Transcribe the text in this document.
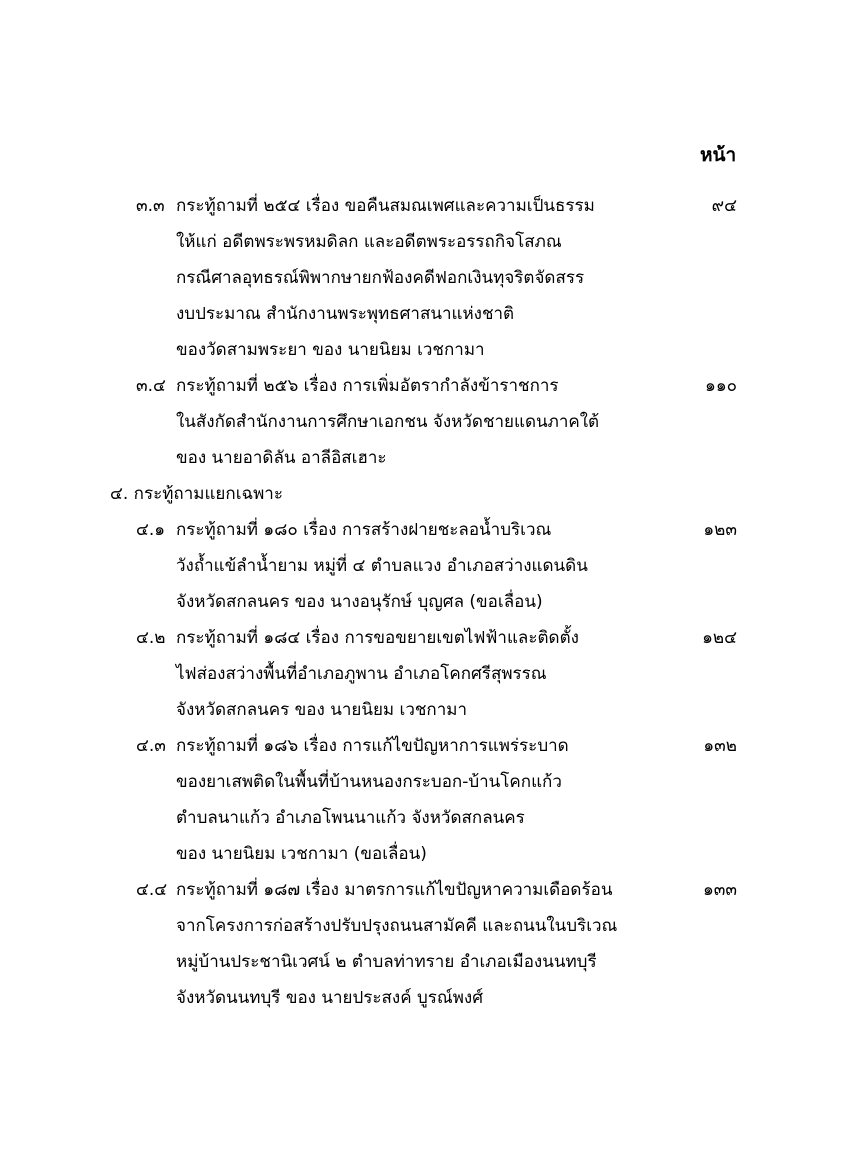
หน้า
๓.๓ กระทู้ถามที่ ๒๕๔ เรื่อง ขอคืนสมณเพศและความเป็นธรรม
ให้แก่ อดีตพระพรหมดิลก และอดีตพระอรรถกิจโสภณ
กรณีศาลอุทธรณ์พิพากษายกฟ้องคดีฟอกเงินทุจริตจัดสรร
งบประมาณ สำนักงานพระพุทธศาสนาแห่งชาติ
ของวัดสามพระยา ของ นายนิยม เวชกามา
๙๔
๓.๔ กระทู้ถามที่ ๒๕๖ เรื่อง การเพิ่มอัตรากำลังข้าราชการ
ในสังกัดสำนักงานการศึกษาเอกชน จังหวัดชายแดนภาคใต้
ของ นายอาดิลัน อาลีอิสเฮาะ
๑๑๐
๔. กระทู้ถามแยกเฉพาะ
๔.๑ กระทู้ถามที่ ๑๘๐ เรื่อง การสร้างฝายชะลอน้ำบริเวณ
วังถ้ำแข้ลำน้ำยาม หมู่ที่ ๔ ตำบลแวง อำเภอสว่างแดนดิน
จังหวัดสกลนคร ของ นางอนุรักษ์ บุญศล (ขอเลื่อน)
๑๒๓
๔.๒ กระทู้ถามที่ ๑๘๔ เรื่อง การขอขยายเขตไฟฟ้าและติดตั้ง
ไฟส่องสว่างพื้นที่อำเภอภูพาน อำเภอโคกศรีสุพรรณ
จังหวัดสกลนคร ของ นายนิยม เวชกามา
๑๒๔
๔.๓ กระทู้ถามที่ ๑๘๖ เรื่อง การแก้ไขปัญหาการแพร่ระบาด
ของยาเสพติดในพื้นที่บ้านหนองกระบอก-บ้านโคกแก้ว
ตำบลนาแก้ว อำเภอโพนนาแก้ว จังหวัดสกลนคร
ของ นายนิยม เวชกามา (ขอเลื่อน)
๑๓๒
๔.๔ กระทู้ถามที่ ๑๘๗ เรื่อง มาตรการแก้ไขปัญหาความเดือดร้อน
จากโครงการก่อสร้างปรับปรุงถนนสามัคคี และถนนในบริเวณ
หมู่บ้านประชานิเวศน์ ๒ ตำบลท่าทราย อำเภอเมืองนนทบุรี
จังหวัดนนทบุรี ของ นายประสงค์ บูรณ์พงศ์
๑๓๓
